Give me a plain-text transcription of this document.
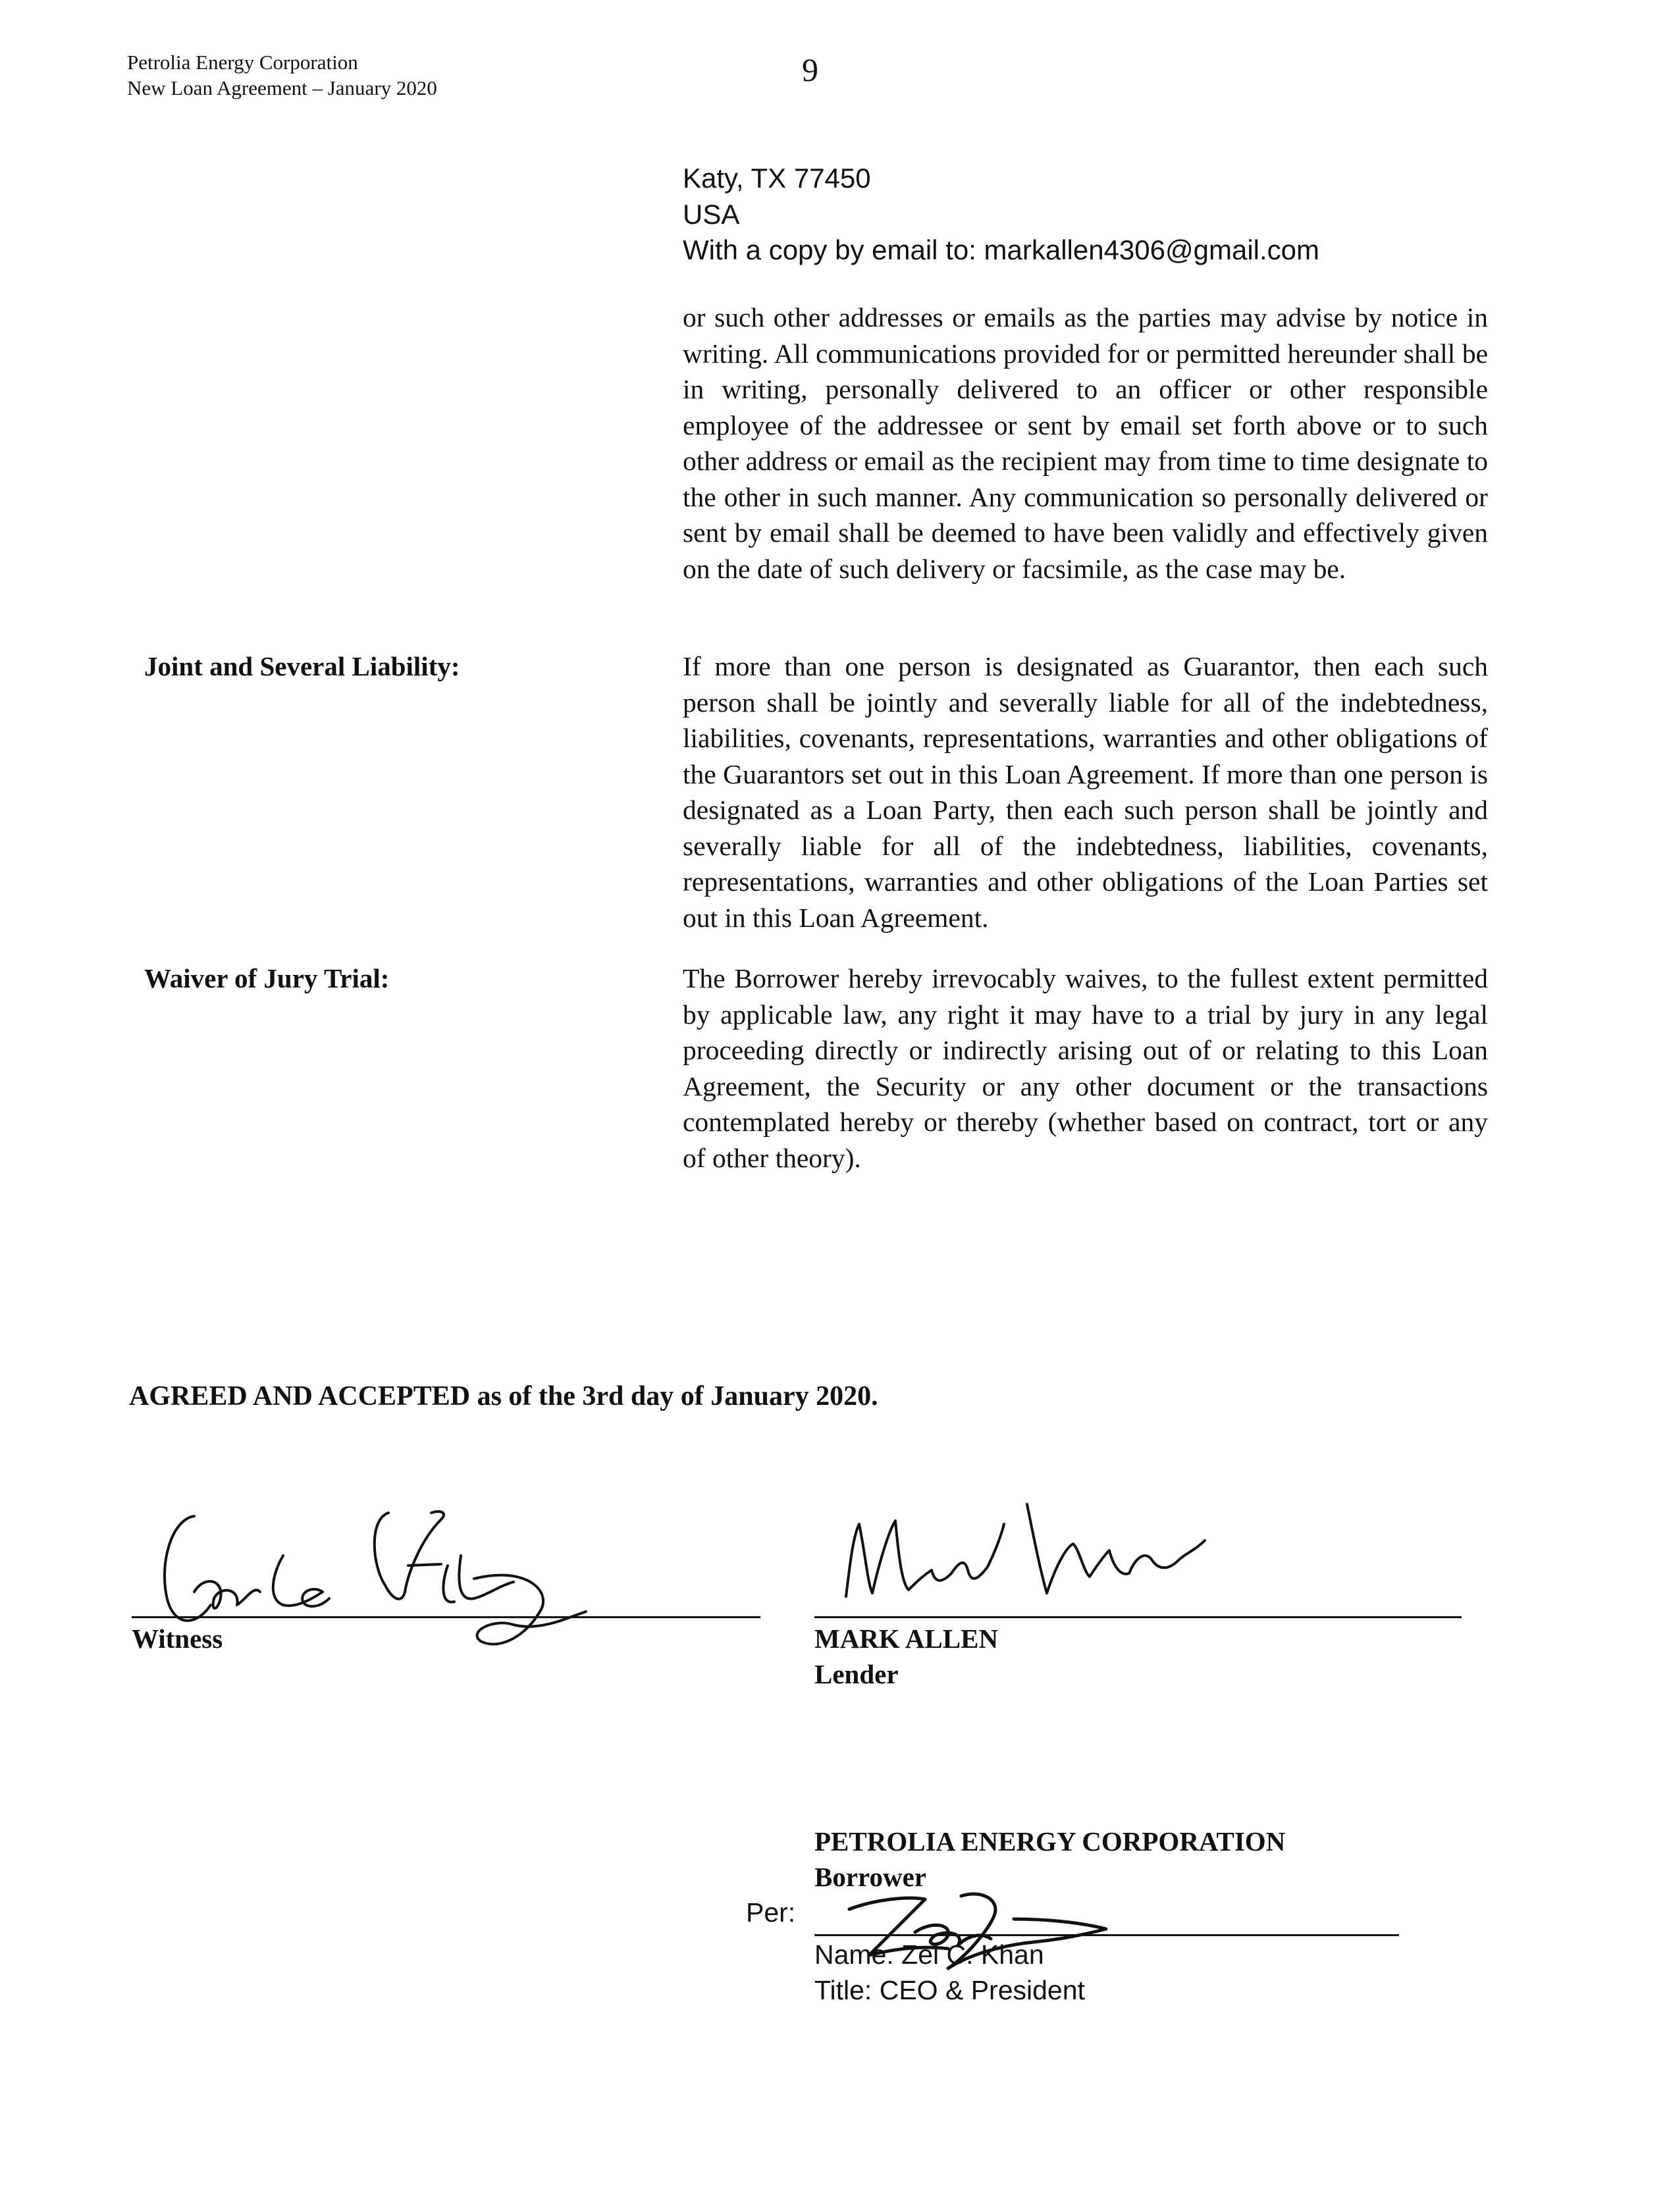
Petrolia Energy Corporation
New Loan Agreement – January 2020	9
Katy, TX 77450
USA
With a copy by email to: markallen4306@gmail.com
or such other addresses or emails as the parties may advise by notice in writing. All communications provided for or permitted hereunder shall be in writing, personally delivered to an officer or other responsible employee of the addressee or sent by email set forth above or to such other address or email as the recipient may from time to time designate to the other in such manner. Any communication so personally delivered or sent by email shall be deemed to have been validly and effectively given on the date of such delivery or facsimile, as the case may be.
Joint and Several Liability:	If more than one person is designated as Guarantor, then each such person shall be jointly and severally liable for all of the indebtedness, liabilities, covenants, representations, warranties and other obligations of the Guarantors set out in this Loan Agreement. If more than one person is designated as a Loan Party, then each such person shall be jointly and severally liable for all of the indebtedness, liabilities, covenants, representations, warranties and other obligations of the Loan Parties set out in this Loan Agreement.
Waiver of Jury Trial:	The Borrower hereby irrevocably waives, to the fullest extent permitted by applicable law, any right it may have to a trial by jury in any legal proceeding directly or indirectly arising out of or relating to this Loan Agreement, the Security or any other document or the transactions contemplated hereby or thereby (whether based on contract, tort or any of other theory).
AGREED AND ACCEPTED as of the 3rd day of January 2020.
Witness	MARK ALLEN
Lender
PETROLIA ENERGY CORPORATION
Borrower
Per:
Name: Zel C. Khan
Title: CEO & President
